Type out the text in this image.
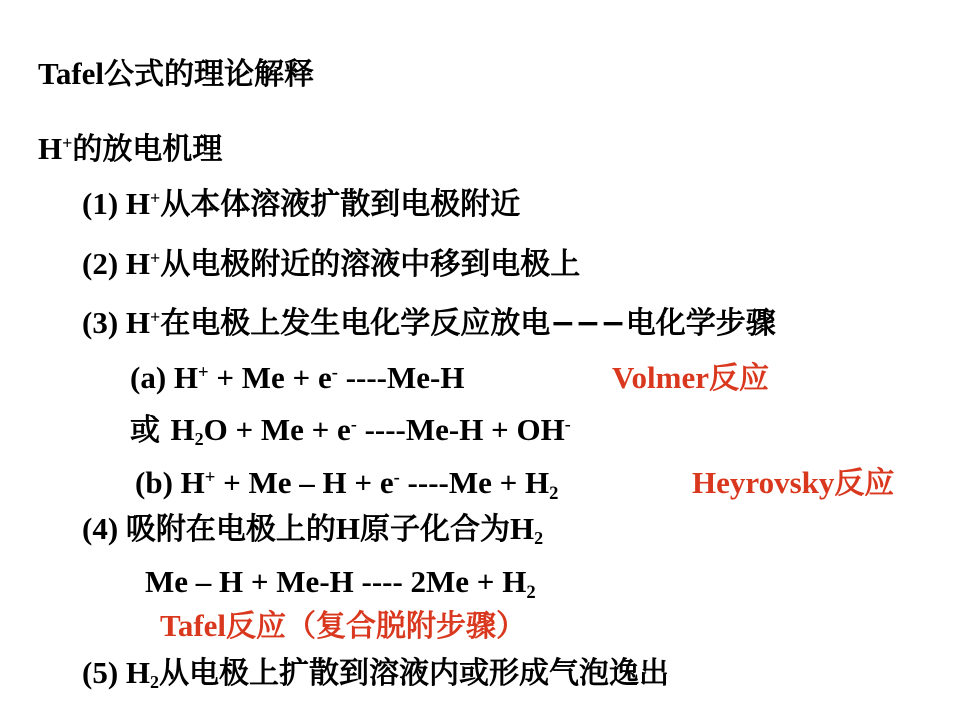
Tafel公式的理论解释
H+的放电机理
(1) H+从本体溶液扩散到电极附近
(2) H+从电极附近的溶液中移到电极上
(3) H+在电极上发生电化学反应放电−−−电化学步骤
(a) H+ + Me + e- ----Me-H	Volmer反应
或 $H_2O + Me + e^-$ ----Me-H + OH-
(b) H+ + Me – H + e- $----Me + H_2$	Heyrovsky反应
(4) 吸附在电极上的H原子化合为$H_2$
Me – H + Me-H ---- $2Me + H_2$
Tafel反应（复合脱附步骤）
(5) $H_2$从电极上扩散到溶液内或形成气泡逸出
